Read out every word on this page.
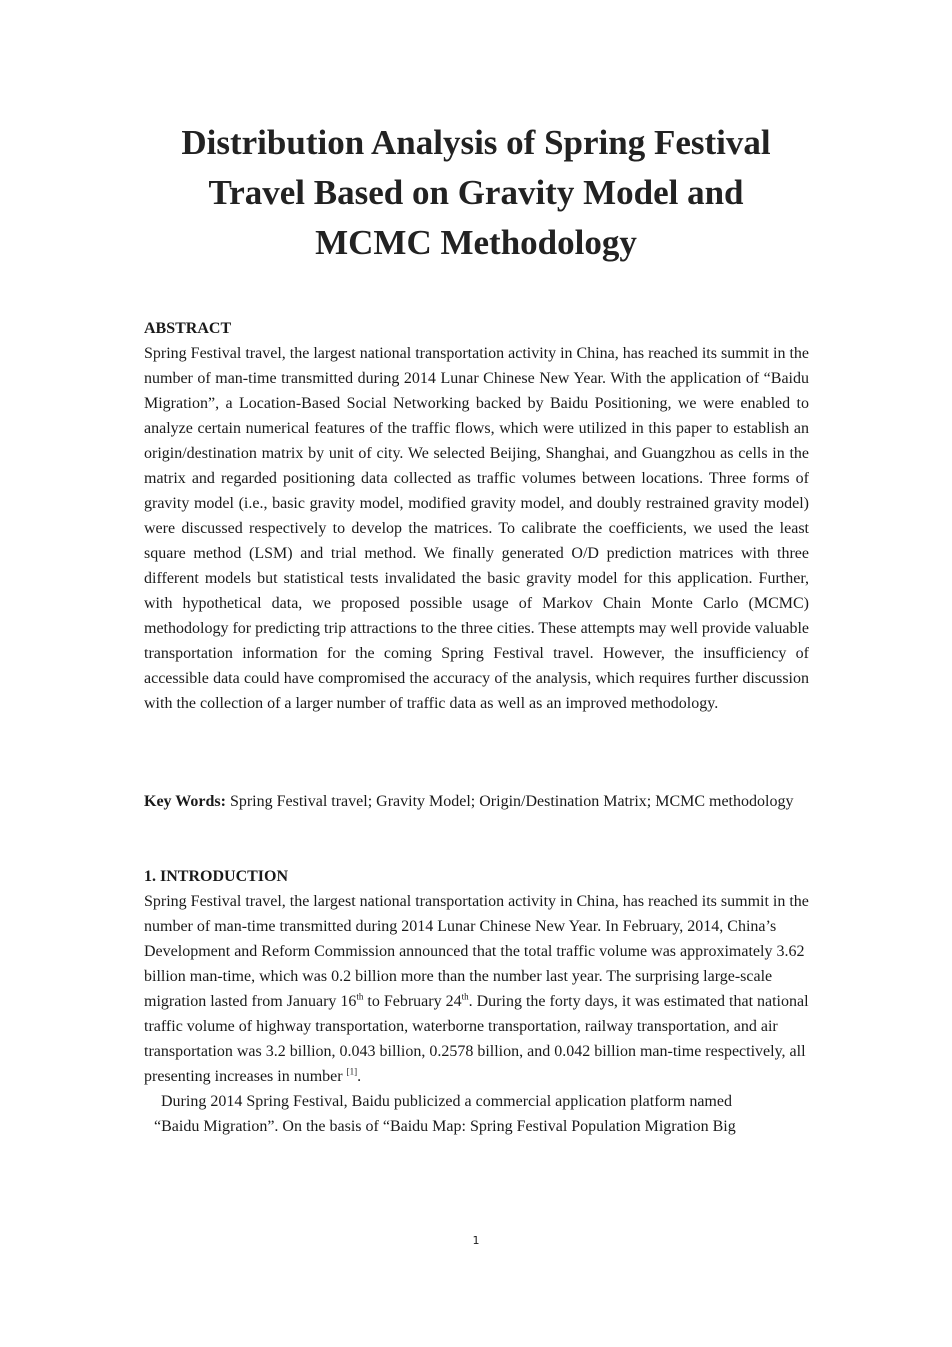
Distribution Analysis of Spring Festival
Travel Based on Gravity Model and
MCMC Methodology
ABSTRACT

Spring Festival travel, the largest national transportation activity in China, has reached its summit in the number of man-time transmitted during 2014 Lunar Chinese New Year. With the application of “Baidu Migration”, a Location-Based Social Networking backed by Baidu Positioning, we were enabled to analyze certain numerical features of the traffic flows, which were utilized in this paper to establish an origin/destination matrix by unit of city. We selected Beijing, Shanghai, and Guangzhou as cells in the matrix and regarded positioning data collected as traffic volumes between locations. Three forms of gravity model (i.e., basic gravity model, modified gravity model, and doubly restrained gravity model) were discussed respectively to develop the matrices. To calibrate the coefficients, we used the least square method (LSM) and trial method. We finally generated O/D prediction matrices with three different models but statistical tests invalidated the basic gravity model for this application. Further, with hypothetical data, we proposed possible usage of Markov Chain Monte Carlo (MCMC) methodology for predicting trip attractions to the three cities. These attempts may well provide valuable transportation information for the coming Spring Festival travel. However, the insufficiency of accessible data could have compromised the accuracy of the analysis, which requires further discussion with the collection of a larger number of traffic data as well as an improved methodology.

Key Words: Spring Festival travel; Gravity Model; Origin/Destination Matrix; MCMC methodology

1. INTRODUCTION

Spring Festival travel, the largest national transportation activity in China, has reached its summit in the number of man-time transmitted during 2014 Lunar Chinese New Year. In February, 2014, China’s Development and Reform Commission announced that the total traffic volume was approximately 3.62 billion man-time, which was 0.2 billion more than the number last year. The surprising large-scale migration lasted from January 16th to February 24th. During the forty days, it was estimated that national traffic volume of highway transportation, waterborne transportation, railway transportation, and air transportation was 3.2 billion, 0.043 billion, 0.2578 billion, and 0.042 billion man-time respectively, all presenting increases in number [1].

During 2014 Spring Festival, Baidu publicized a commercial application platform named
“Baidu Migration”. On the basis of “Baidu Map: Spring Festival Population Migration Big

1
